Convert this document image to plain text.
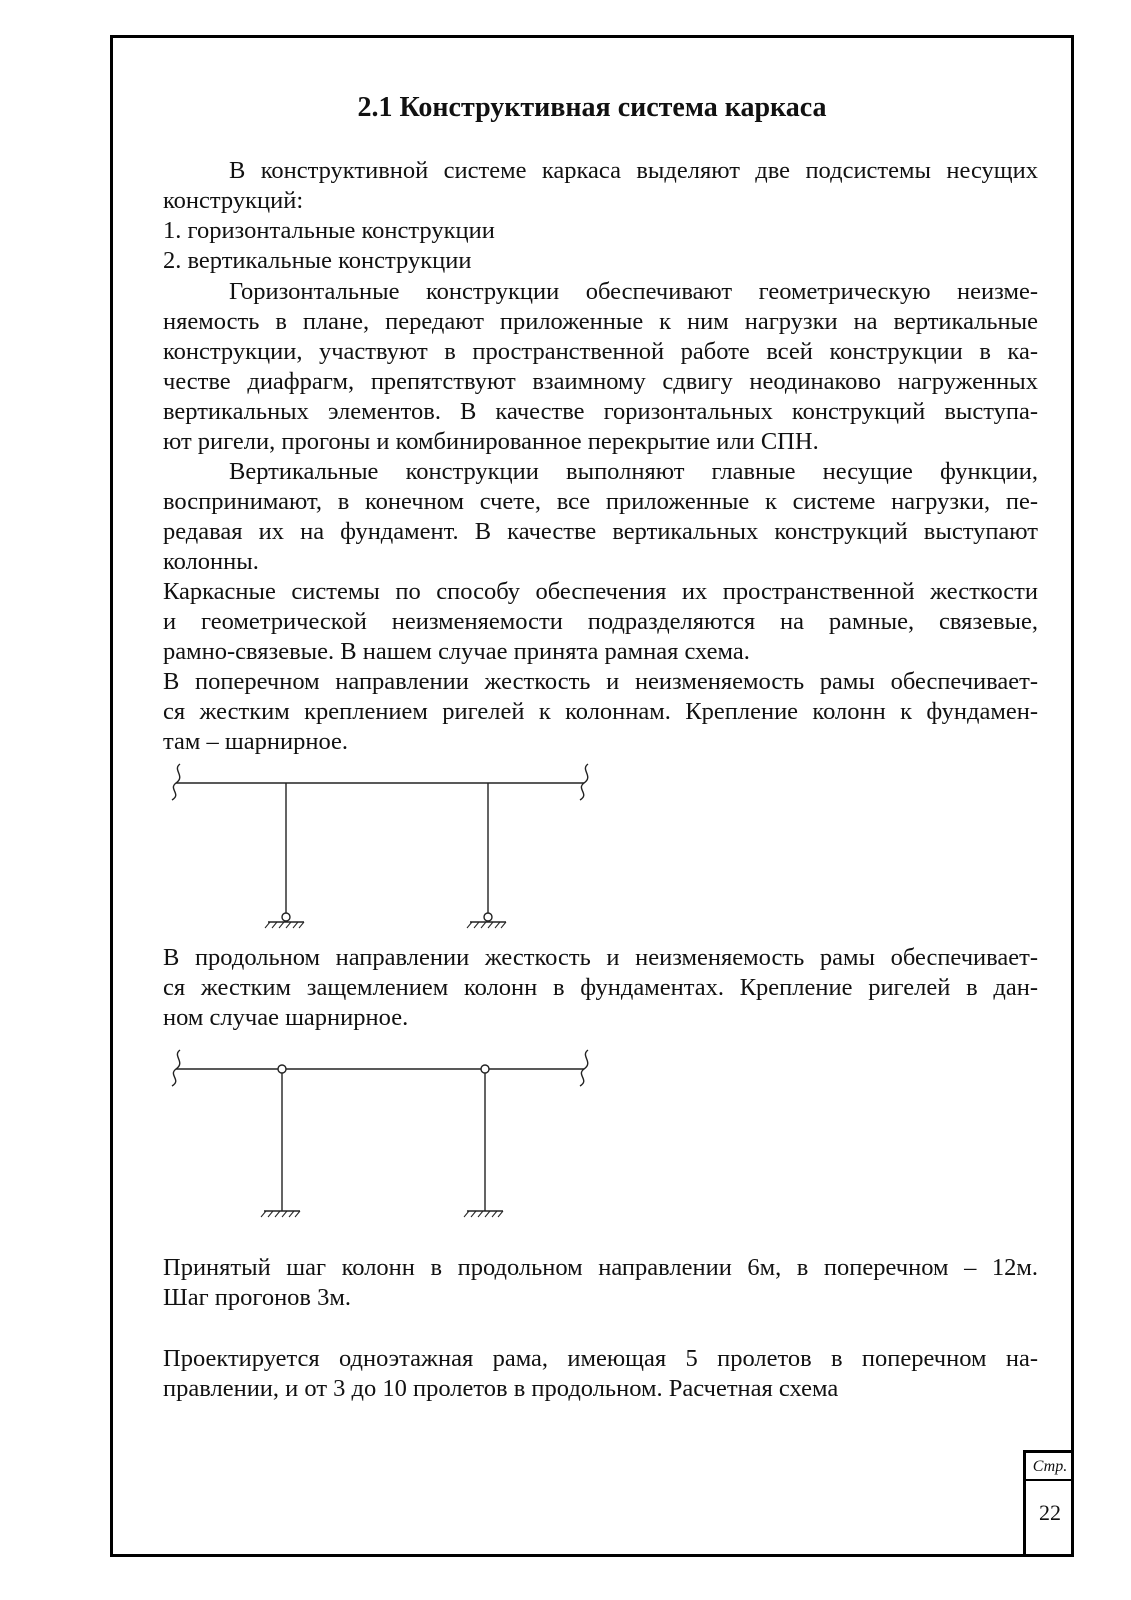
2.1 Конструктивная система каркаса
В конструктивной системе каркаса выделяют две подсистемы несущих
конструкций:
1. горизонтальные конструкции
2. вертикальные конструкции
Горизонтальные конструкции обеспечивают геометрическую неизме-
няемость в плане, передают приложенные к ним нагрузки на вертикальные
конструкции, участвуют в пространственной работе всей конструкции в ка-
честве диафрагм, препятствуют взаимному сдвигу неодинаково нагруженных
вертикальных элементов. В качестве горизонтальных конструкций выступа-
ют ригели, прогоны и комбинированное перекрытие или СПН.
Вертикальные конструкции выполняют главные несущие функции,
воспринимают, в конечном счете, все приложенные к системе нагрузки, пе-
редавая их на фундамент. В качестве вертикальных конструкций выступают
колонны.
Каркасные системы по способу обеспечения их пространственной жесткости
и геометрической неизменяемости подразделяются на рамные, связевые,
рамно-связевые. В нашем случае принята рамная схема.
В поперечном направлении жесткость и неизменяемость рамы обеспечивает-
ся жестким креплением ригелей к колоннам. Крепление колонн к фундамен-
там – шарнирное.
В продольном направлении жесткость и неизменяемость рамы обеспечивает-
ся жестким защемлением колонн в фундаментах. Крепление ригелей в дан-
ном случае шарнирное.
Принятый шаг колонн в продольном направлении 6м, в поперечном – 12м.
Шаг прогонов 3м.
Проектируется одноэтажная рама, имеющая 5 пролетов в поперечном на-
правлении, и от 3 до 10 пролетов в продольном. Расчетная схема
Стр.
22
